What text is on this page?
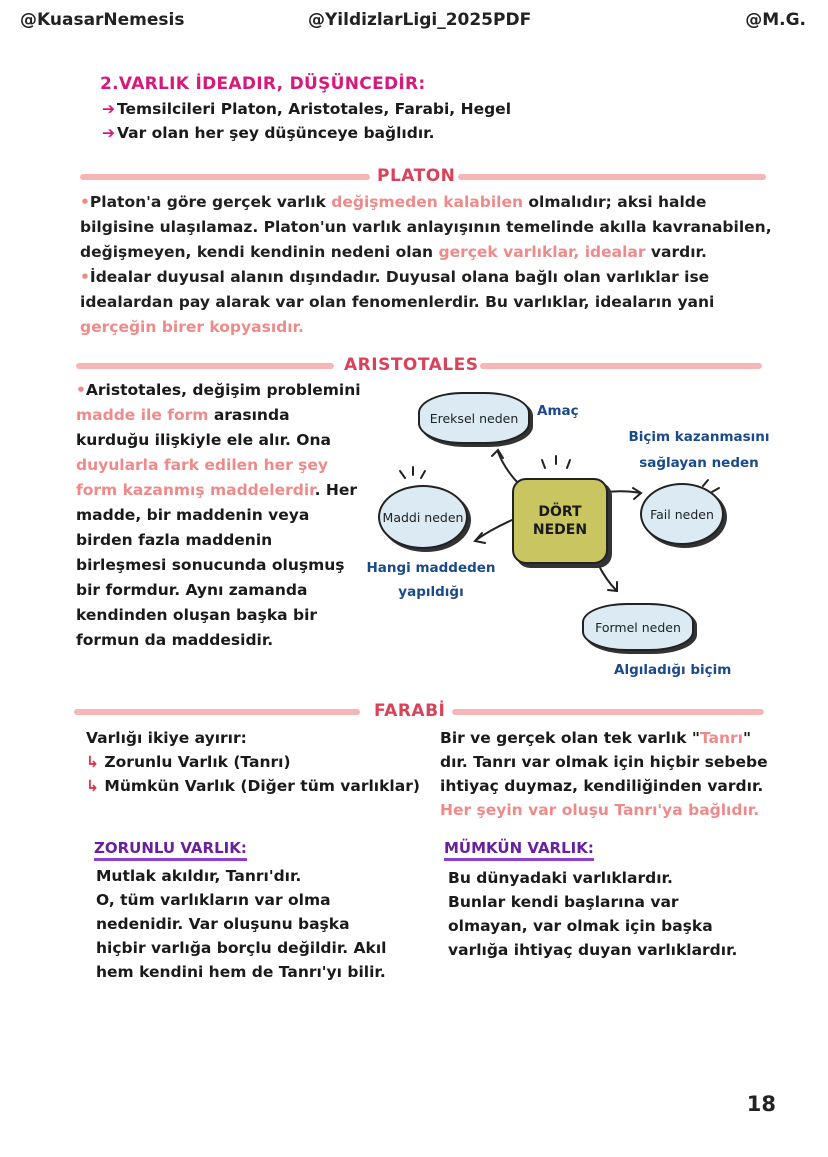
@KuasarNemesis	@YildizlarLigi_2025PDF	@M.G.
2.VARLIK İDEADIR, DÜŞÜNCEDİR:
➔ Temsilcileri Platon, Aristotales, Farabi, Hegel
➔ Var olan her şey düşünceye bağlıdır.
PLATON
•Platon'a göre gerçek varlık değişmeden kalabilen olmalıdır; aksi halde
bilgisine ulaşılamaz. Platon'un varlık anlayışının temelinde akılla kavranabilen,
değişmeyen, kendi kendinin nedeni olan gerçek varlıklar, idealar vardır.
•İdealar duyusal alanın dışındadır. Duyusal olana bağlı olan varlıklar ise
idealardan pay alarak var olan fenomenlerdir. Bu varlıklar, ideaların yani
gerçeğin birer kopyasıdır.
ARISTOTALES
•Aristotales, değişim problemini
madde ile form arasında
kurduğu ilişkiyle ele alır. Ona
duyularla fark edilen her şey
form kazanmış maddelerdir. Her
madde, bir maddenin veya
birden fazla maddenin
birleşmesi sonucunda oluşmuş
bir formdur. Aynı zamanda
kendinden oluşan başka bir
formun da maddesidir.
Ereksel neden	Amaç
Maddi neden
Hangi maddeden yapıldığı
DÖRT NEDEN
Fail neden
Biçim kazanmasını sağlayan neden
Formel neden
Algıladığı biçim
FARABİ
Varlığı ikiye ayırır:
↳ Zorunlu Varlık (Tanrı)
↳ Mümkün Varlık (Diğer tüm varlıklar)
Bir ve gerçek olan tek varlık "Tanrı"
dır. Tanrı var olmak için hiçbir sebebe
ihtiyaç duymaz, kendiliğinden vardır.
Her şeyin var oluşu Tanrı'ya bağlıdır.
ZORUNLU VARLIK:
Mutlak akıldır, Tanrı'dır.
O, tüm varlıkların var olma
nedenidir. Var oluşunu başka
hiçbir varlığa borçlu değildir. Akıl
hem kendini hem de Tanrı'yı bilir.
MÜMKÜN VARLIK:
Bu dünyadaki varlıklardır.
Bunlar kendi başlarına var
olmayan, var olmak için başka
varlığa ihtiyaç duyan varlıklardır.
18
